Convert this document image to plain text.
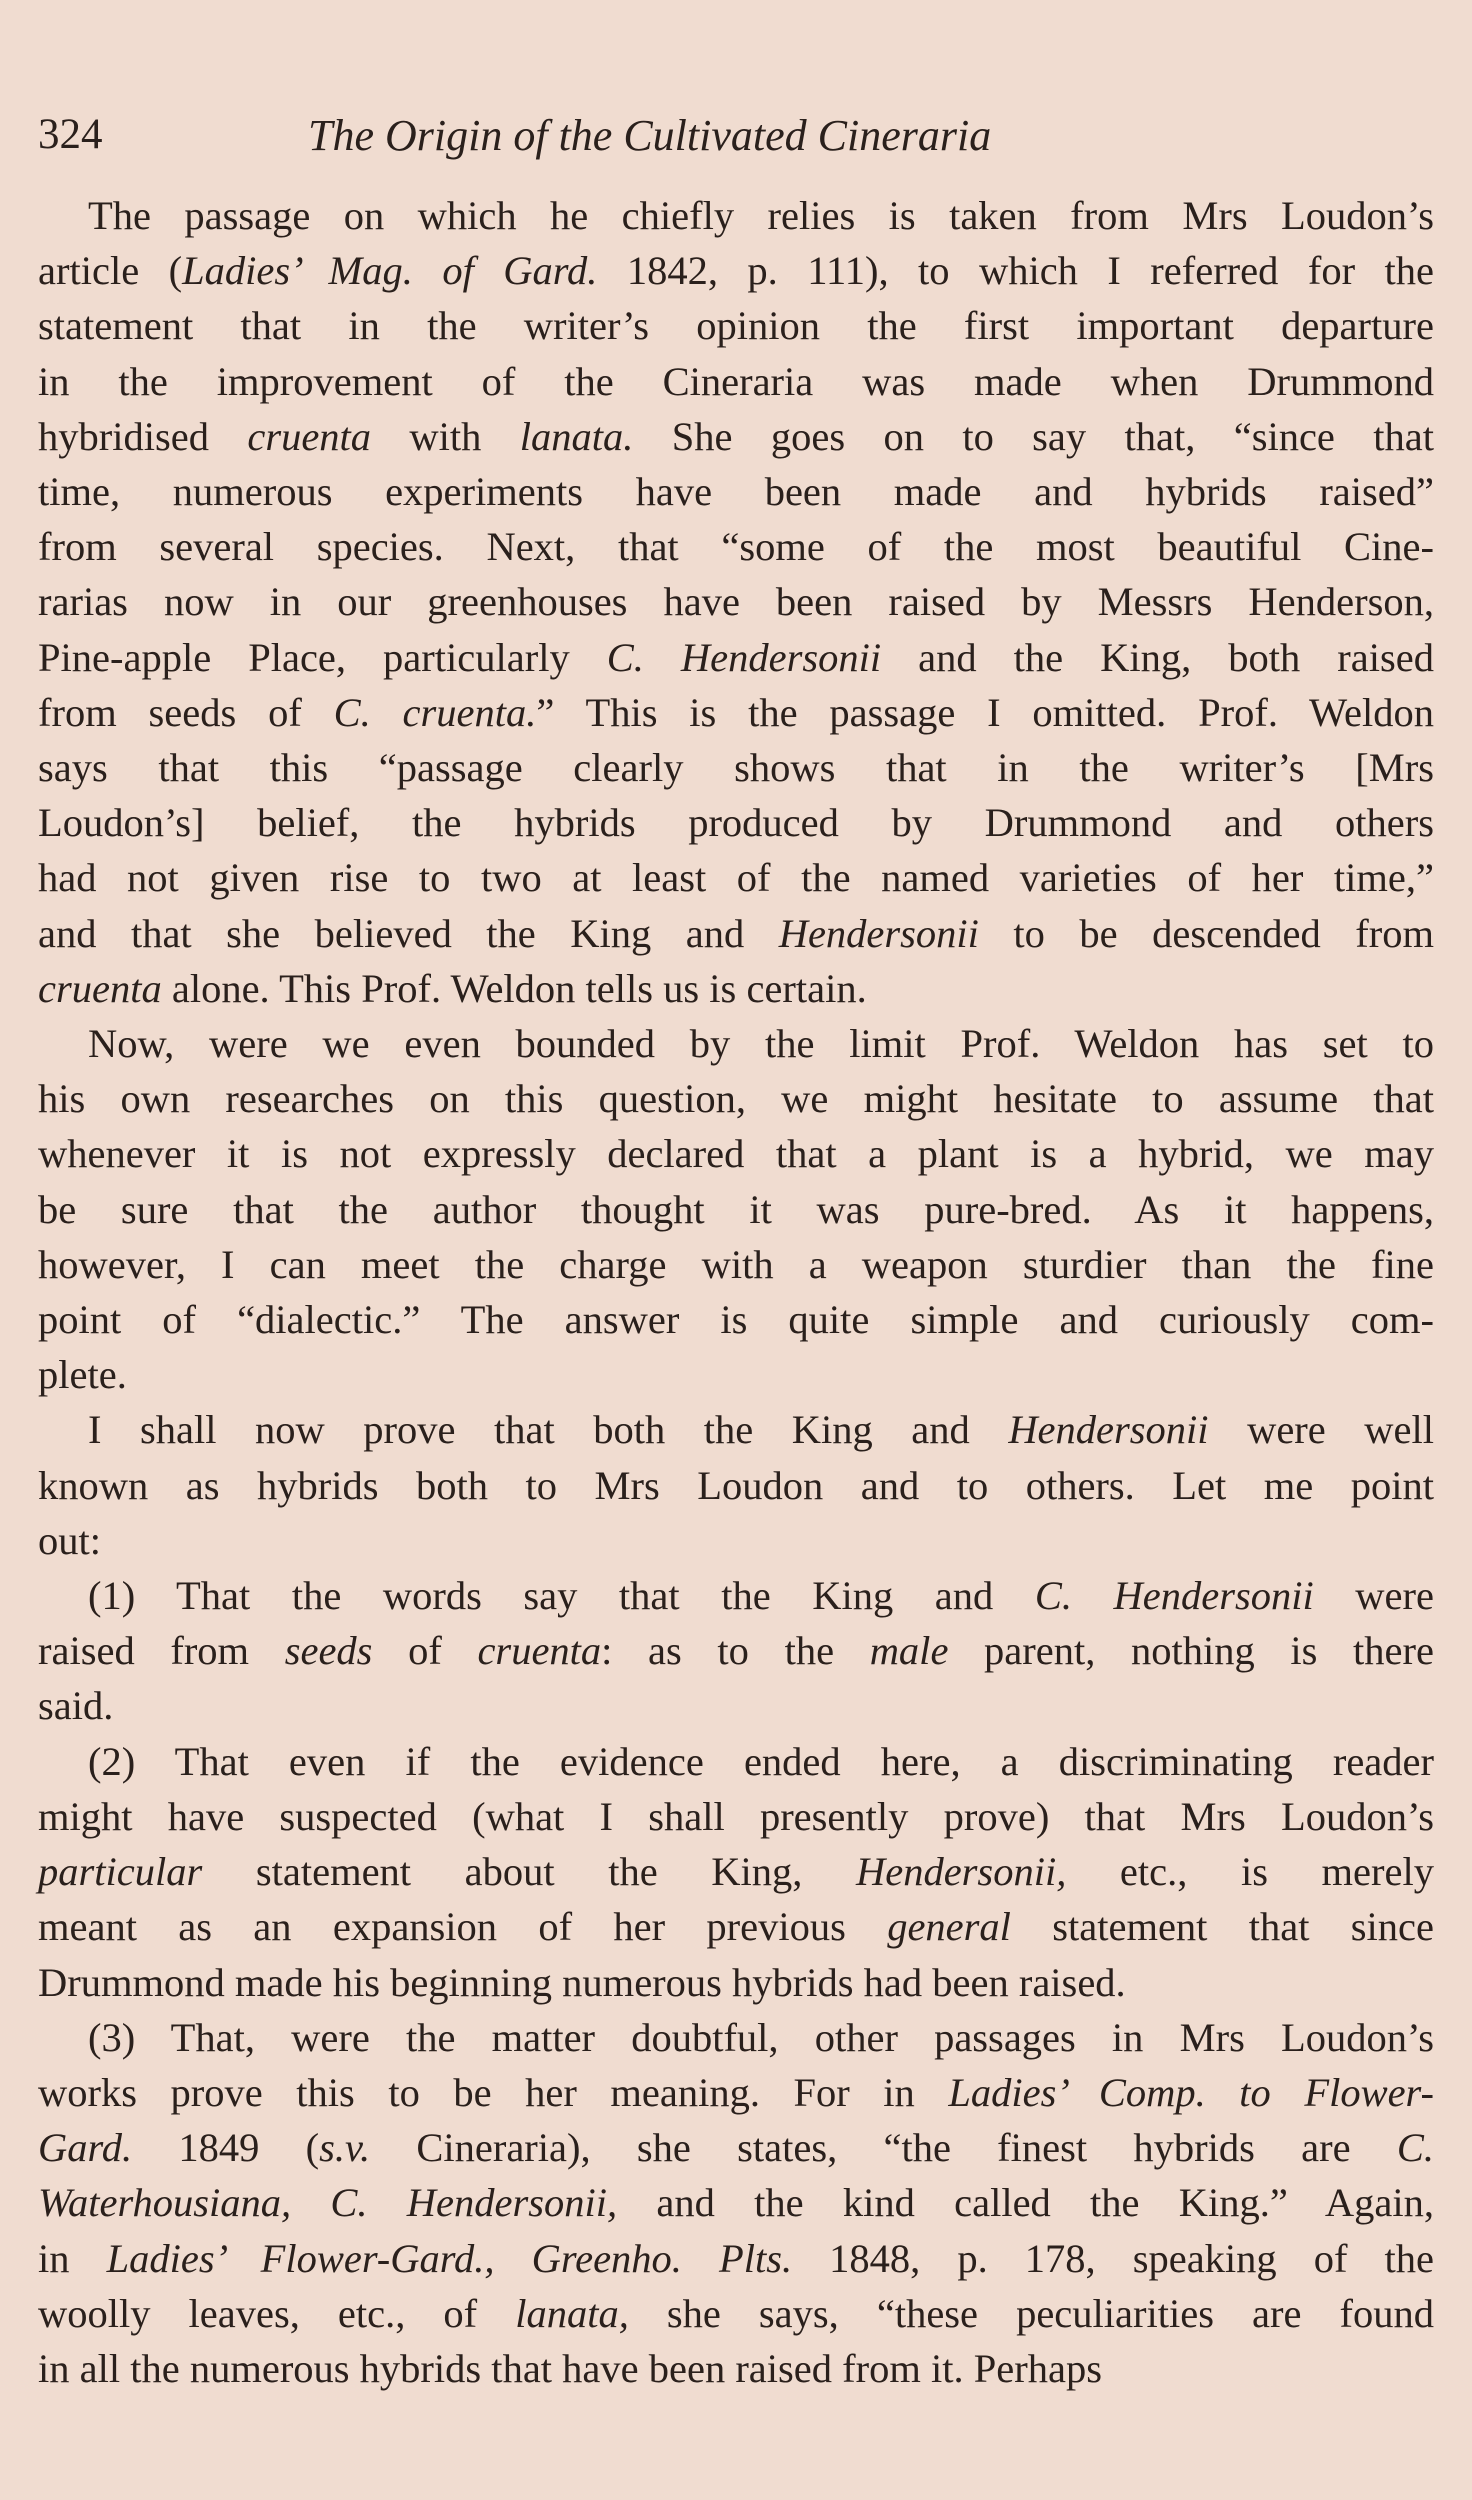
324	The Origin of the Cultivated Cineraria

The passage on which he chiefly relies is taken from Mrs Loudon’s
article (Ladies’ Mag. of Gard. 1842, p. 111), to which I referred for the
statement that in the writer’s opinion the first important departure
in the improvement of the Cineraria was made when Drummond
hybridised cruenta with lanata. She goes on to say that, “since that
time, numerous experiments have been made and hybrids raised”
from several species. Next, that “some of the most beautiful Cine-
rarias now in our greenhouses have been raised by Messrs Henderson,
Pine-apple Place, particularly C. Hendersonii and the King, both raised
from seeds of C. cruenta.” This is the passage I omitted. Prof. Weldon
says that this “passage clearly shows that in the writer’s [Mrs
Loudon’s] belief, the hybrids produced by Drummond and others
had not given rise to two at least of the named varieties of her time,”
and that she believed the King and Hendersonii to be descended from
cruenta alone. This Prof. Weldon tells us is certain.

Now, were we even bounded by the limit Prof. Weldon has set to
his own researches on this question, we might hesitate to assume that
whenever it is not expressly declared that a plant is a hybrid, we may
be sure that the author thought it was pure-bred. As it happens,
however, I can meet the charge with a weapon sturdier than the fine
point of “dialectic.” The answer is quite simple and curiously com-
plete.

I shall now prove that both the King and Hendersonii were well
known as hybrids both to Mrs Loudon and to others. Let me point
out:

(1) That the words say that the King and C. Hendersonii were
raised from seeds of cruenta: as to the male parent, nothing is there
said.

(2) That even if the evidence ended here, a discriminating reader
might have suspected (what I shall presently prove) that Mrs Loudon’s
particular statement about the King, Hendersonii, etc., is merely
meant as an expansion of her previous general statement that since
Drummond made his beginning numerous hybrids had been raised.

(3) That, were the matter doubtful, other passages in Mrs Loudon’s
works prove this to be her meaning. For in Ladies’ Comp. to Flower-
Gard. 1849 (s.v. Cineraria), she states, “the finest hybrids are C.
Waterhousiana, C. Hendersonii, and the kind called the King.” Again,
in Ladies’ Flower-Gard., Greenho. Plts. 1848, p. 178, speaking of the
woolly leaves, etc., of lanata, she says, “these peculiarities are found
in all the numerous hybrids that have been raised from it. Perhaps
